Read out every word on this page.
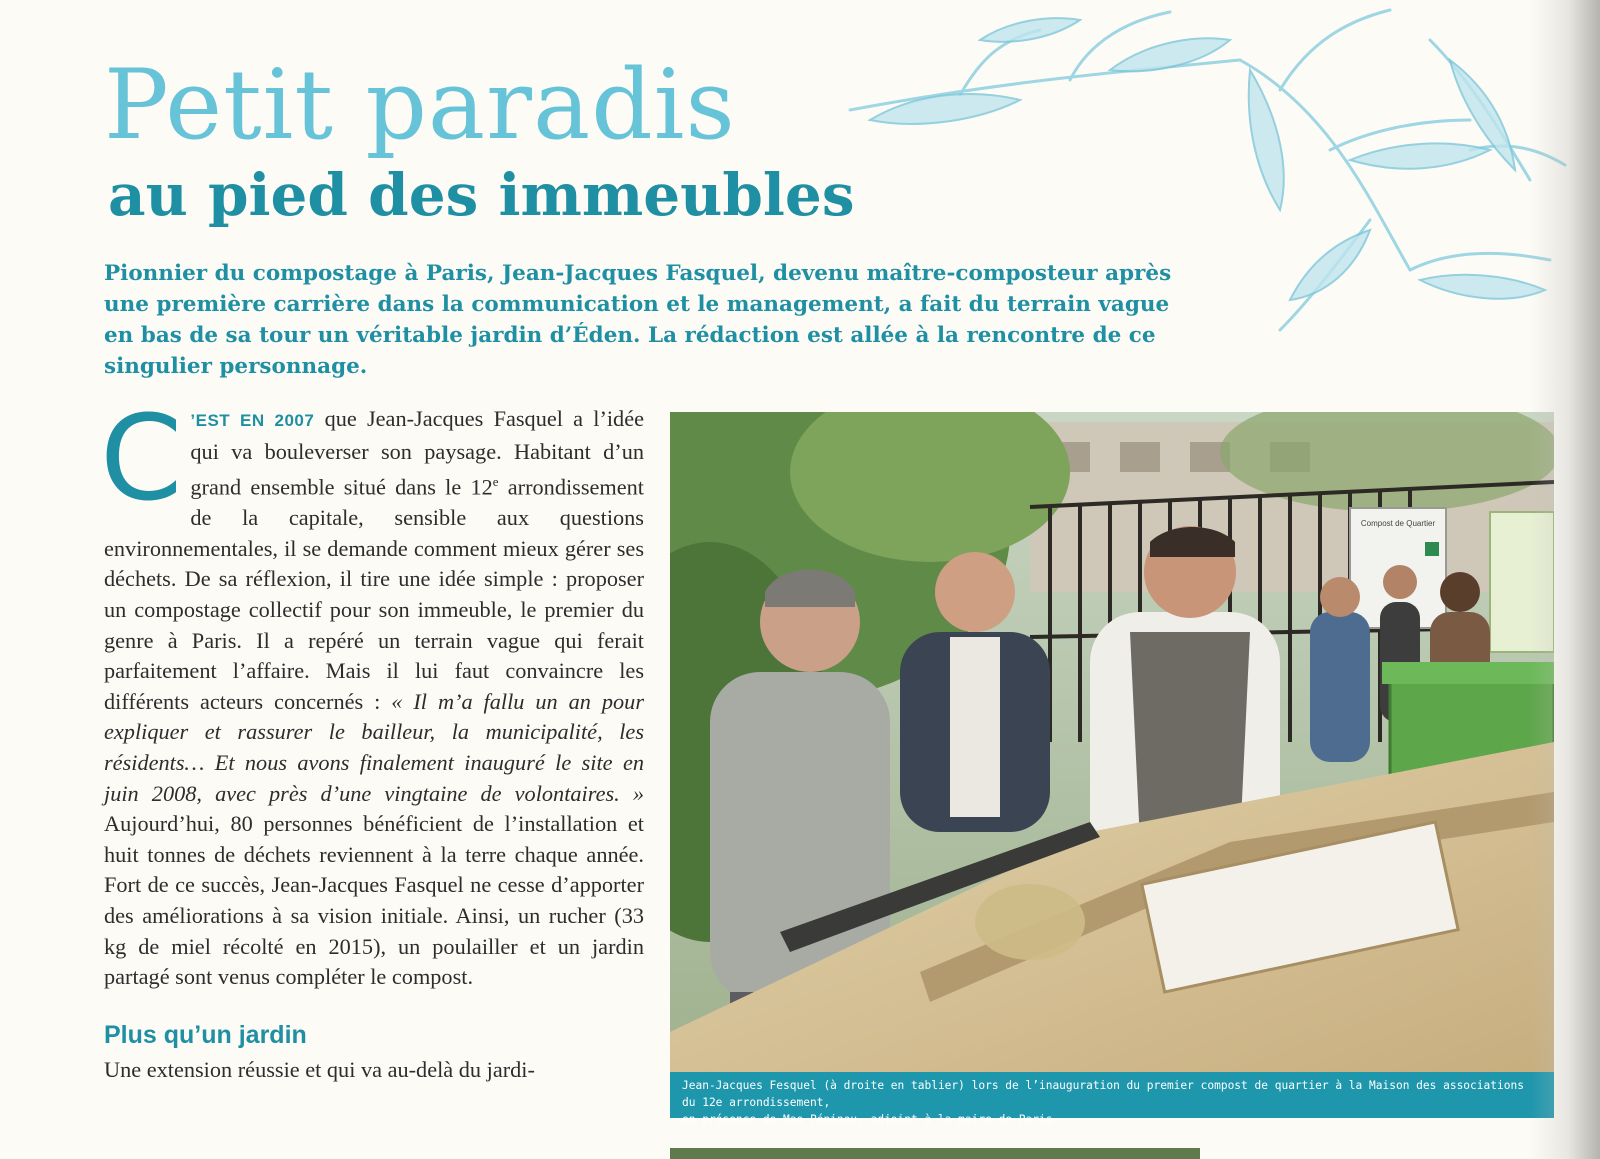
Petit paradis
au pied des immeubles

Pionnier du compostage à Paris, Jean-Jacques Fasquel, devenu maître-composteur après une première carrière dans la communication et le management, a fait du terrain vague en bas de sa tour un véritable jardin d’Éden. La rédaction est allée à la rencontre de ce singulier personnage.

C ’EST EN 2007 que Jean-Jacques Fasquel a l’idée qui va bouleverser son paysage. Habitant d’un grand ensemble situé dans le 12e arrondissement de la capitale, sensible aux questions environnementales, il se demande comment mieux gérer ses déchets. De sa réflexion, il tire une idée simple : proposer un compostage collectif pour son immeuble, le premier du genre à Paris. Il a repéré un terrain vague qui ferait parfaitement l’affaire. Mais il lui faut convaincre les différents acteurs concernés : « Il m’a fallu un an pour expliquer et rassurer le bailleur, la municipalité, les résidents… Et nous avons finalement inauguré le site en juin 2008, avec près d’une vingtaine de volontaires. » Aujourd’hui, 80 personnes bénéficient de l’installation et huit tonnes de déchets reviennent à la terre chaque année. Fort de ce succès, Jean-Jacques Fasquel ne cesse d’apporter des améliorations à sa vision initiale. Ainsi, un rucher (33 kg de miel récolté en 2015), un poulailler et un jardin partagé sont venus compléter le compost.

Plus qu’un jardin

Une extension réussie et qui va au-delà du jardi-

Compost de Quartier
Jean-Jacques Fesquel (à droite en tablier) lors de l’inauguration du premier compost de quartier à la Maison des associations du 12e arrondissement,
en présence de Mao Péninou, adjoint à la maire de Paris
